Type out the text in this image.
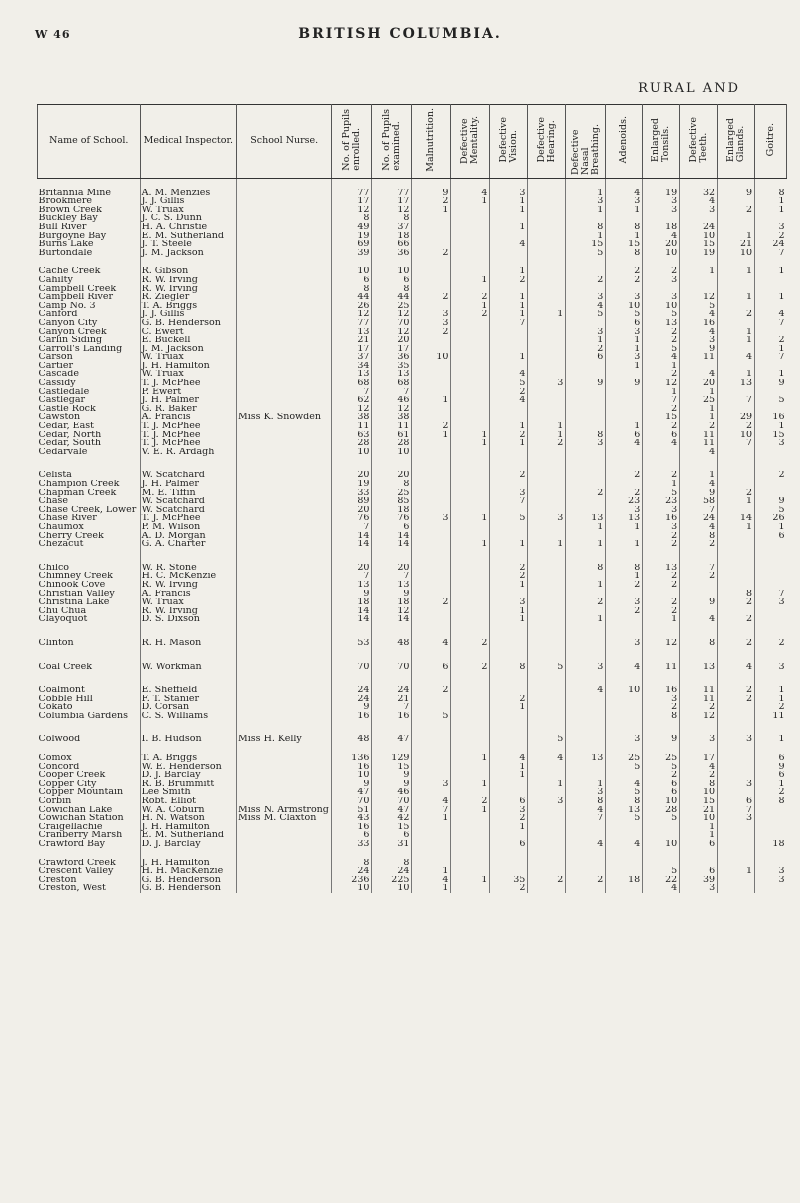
W 46	BRITISH COLUMBIA.
RURAL AND
Name of School.	Medical Inspector.	School Nurse.	No. of Pupils
enrolled.	No. of Pupils
examined.	Malnutrition.	Defective
Mentality.	Defective
Vision.	Defective
Hearing.	Defective Nasal
Breathing.	Adenoids.	Enlarged
Tonsils.	Defective
Teeth.	Enlarged
Glands.	Goitre.

Britannia Mine	A. M. Menzies		77	77	9	4	3		1	4	19	32	9	8
Brookmere	J. J. Gillis		17	17	2	1	1		3	3	3	4		1
Brown Creek	W. Truax		12	12	1		1		1	1	3	3	2	1
Buckley Bay	J. C. S. Dunn		8	8										
Bull River	H. A. Christie		49	37			1		8	8	18	24		3
Burgoyne Bay	E. M. Sutherland		19	18					1	1	4	10	1	2
Burns Lake	J. T. Steele		69	66			4		15	15	20	15	21	24
Burtondale	J. M. Jackson		39	36	2				5	8	10	19	10	7

Cache Creek	R. Gibson		10	10			1			2	2	1	1	1
Cahilty	R. W. Irving		6	6		1	2		2	2	3			
Campbell Creek	R. W. Irving		8	8										
Campbell River	R. Ziegler		44	44	2	2	1		3	3	3	12	1	1
Camp No. 3	T. A. Briggs		26	25		1	1		4	10	10	5		
Canford	J. J. Gillis		12	12	3	2	1	1	5	5	5	4	2	4
Canyon City	G. B. Henderson		77	70	3		7			6	13	16		7
Canyon Creek	C. Ewert		13	12	2				3	3	2	4	1	
Carlin Siding	E. Buckell		21	20					1	1	2	3	1	2
Carroll's Landing	J. M. Jackson		17	17					2	1	5	9		1
Carson	W. Truax		37	36	10		1		6	3	4	11	4	7
Cartier	J. H. Hamilton		34	35						1	1			
Cascade	W. Truax		13	13			4				2	4	1	1
Cassidy	T. J. McPhee		68	68			5	3	9	9	12	20	13	9
Castledale	P. Ewert		7	7			2				1	1		
Castlegar	J. H. Palmer		62	46	1		4				7	25	7	5
Castle Rock	G. R. Baker		12	12							2	1		
Cawston	A. Francis	Miss K. Snowden	38	38							15	1	29	16
Cedar, East	T. J. McPhee		11	11	2		1	1		1	2	2	2	1
Cedar, North	T. J. McPhee		63	61	1	1	2	1	8	6	6	11	10	15
Cedar, South	T. J. McPhee		28	28		1	1	2	3	4	4	11	7	3
Cedarvale	V. E. R. Ardagh		10	10								4		

Celista	W. Scatchard		20	20			2			2	2	1		2
Champion Creek	J. H. Palmer		19	8							1	4		
Chapman Creek	M. E. Tiffin		33	25			3		2	2	5	9	2	
Chase	W. Scatchard		89	85			7			23	23	58	1	9
Chase Creek, Lower	W. Scatchard		20	18						3	3	7		5
Chase River	T. J. McPhee		76	76	3	1	5	3	13	13	16	24	14	26
Chaumox	P. M. Wilson		7	6					1	1	3	4	1	1
Cherry Creek	A. D. Morgan		14	14							2	8		6
Chezacut	G. A. Charter		14	14		1	1	1	1	1	2	2		

Chilco	W. R. Stone		20	20			2		8	8	13	7		
Chimney Creek	H. C. McKenzie		7	7			2			1	2	2		
Chinook Cove	R. W. Irving		13	13			1		1	2	2			
Christian Valley	A. Francis		9	9									8	7
Christina Lake	W. Truax		18	18	2		3		2	3	2	9	2	3
Chu Chua	R. W. Irving		14	12			1			2	2			
Clayoquot	D. S. Dixson		14	14			1		1		1	4	2	

Clinton	R. H. Mason		53	48	4	2				3	12	8	2	2

Coal Creek	W. Workman		70	70	6	2	8	5	3	4	11	13	4	3

Coalmont	E. Sheffield		24	24	2				4	10	16	11	2	1
Cobble Hill	F. T. Stanier		24	21			2				3	11	2	1
Cokato	D. Corsan		9	7			1				2	2		2
Columbia Gardens	C. S. Williams		16	16	5						8	12		11

Colwood	I. B. Hudson	Miss H. Kelly	48	47				5		3	9	3	3	1

Comox	T. A. Briggs		136	129		1	4	4	13	25	25	17		6
Concord	W. E. Henderson		16	15			1			5	5	4		9
Cooper Creek	D. J. Barclay		10	9			1				2	2		6
Copper City	R. B. Brummitt		9	9	3	1		1	1	4	6	8	3	1
Copper Mountain	Lee Smith		47	46					3	5	6	10		2
Corbin	Robt. Elliot		70	70	4	2	6	3	8	8	10	15	6	8
Cowichan Lake	W. A. Coburn	Miss N. Armstrong	51	47	7	1	3		4	13	28	21	7	
Cowichan Station	H. N. Watson	Miss M. Claxton	43	42	1		2		7	5	5	10	3	
Craigellachie	J. H. Hamilton		16	15			1					1		
Cranberry Marsh	E. M. Sutherland		6	6								1		
Crawford Bay	D. J. Barclay		33	31			6		4	4	10	6		18

Crawford Creek	J. H. Hamilton		8	8										
Crescent Valley	H. H. MacKenzie		24	24	1						5	6	1	3
Creston	G. B. Henderson		236	225	4	1	35	2	2	18	22	39		3
Creston, West	G. B. Henderson		10	10	1		2				4	3		
